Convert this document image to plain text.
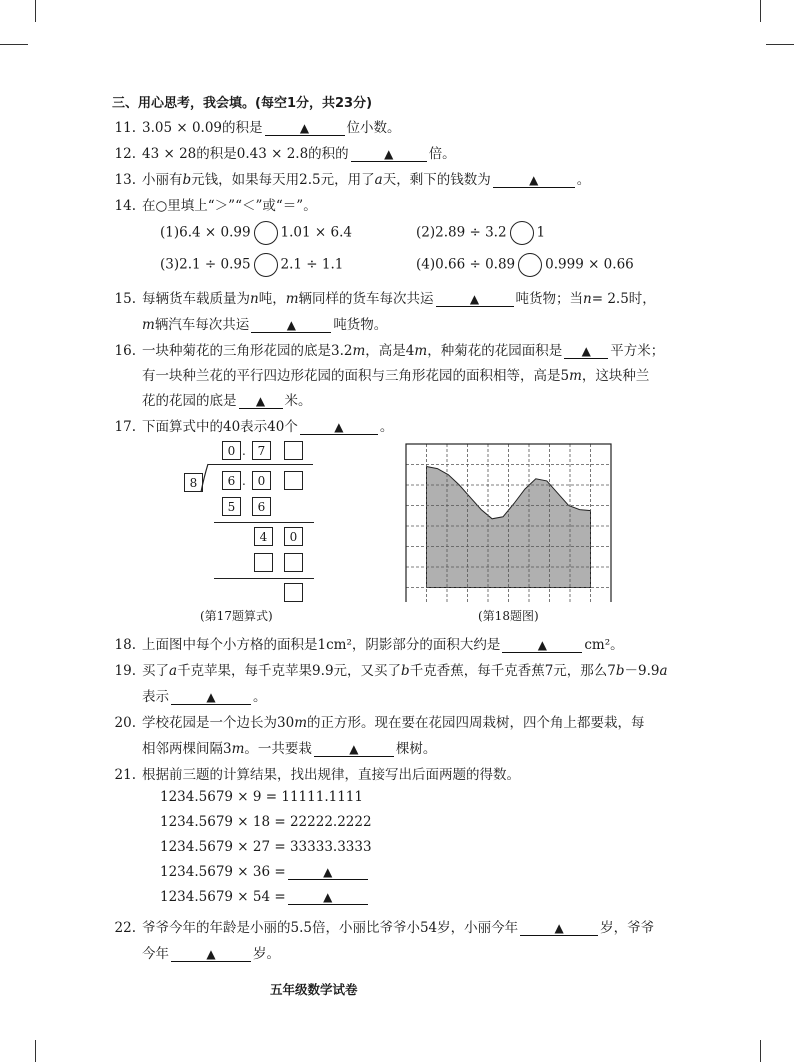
三、用心思考，我会填。(每空1分，共23分)
11. 3.05 × 0.09的积是	▲	位小数。
12. 43 × 28的积是0.43 × 2.8的积的	▲	倍。
13. 小丽有b元钱，如果每天用2.5元，用了a天，剩下的钱数为	▲	。
14. 在○里填上“＞”“＜”或“＝”。
(1)6.4 × 0.99 1.01 × 6.4	(2)2.89 ÷ 3.2 1
(3)2.1 ÷ 0.95 2.1 ÷ 1.1	(4)0.66 ÷ 0.89 0.999 × 0.66
15. 每辆货车载质量为n吨，m辆同样的货车每次共运	▲	吨货物；当n= 2.5时，
m辆汽车每次共运	▲	吨货物。
16. 一块种菊花的三角形花园的底是3.2m，高是4m，种菊花的花园面积是 ▲ 平方米；
有一块种兰花的平行四边形花园的面积与三角形花园的面积相等，高是5m，这块种兰
花的花园的底是 ▲ 米。
17. 下面算式中的40表示40个	▲	。
0 . 7
8	6 . 0
5	6
4	0
(第17题算式)	(第18题图)
18. 上面图中每个小方格的面积是1cm²，阴影部分的面积大约是	▲	cm²。
19. 买了a千克苹果，每千克苹果9.9元，又买了b千克香蕉，每千克香蕉7元，那么7b－9.9a
表示	▲	。
20. 学校花园是一个边长为30m的正方形。现在要在花园四周栽树，四个角上都要栽，每
相邻两棵间隔3m。一共要栽	▲	棵树。
21. 根据前三题的计算结果，找出规律，直接写出后面两题的得数。
1234.5679 × 9 = 11111.1111
1234.5679 × 18 = 22222.2222
1234.5679 × 27 = 33333.3333
1234.5679 × 36 =	▲
1234.5679 × 54 =	▲
22. 爷爷今年的年龄是小丽的5.5倍，小丽比爷爷小54岁，小丽今年	▲	岁，爷爷
今年	▲	岁。
五年级数学试卷
